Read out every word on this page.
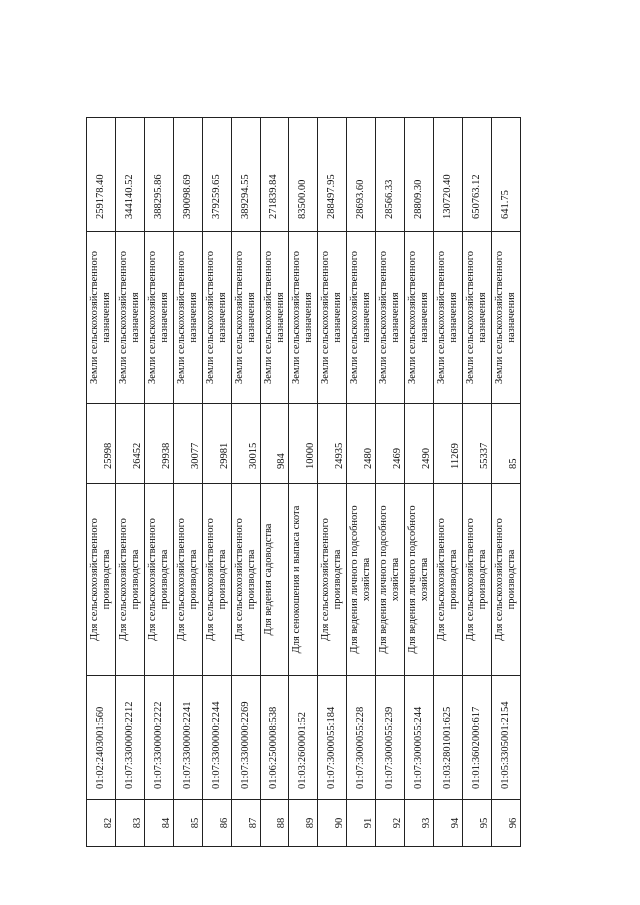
82	01:02:2403001:560	Для сельскохозяйственного производства	25998	Земли сельскохозяйственного назначения	259178.40
83	01:07:3300000:2212	Для сельскохозяйственного производства	26452	Земли сельскохозяйственного назначения	344140.52
84	01:07:3300000:2222	Для сельскохозяйственного производства	29938	Земли сельскохозяйственного назначения	388295.86
85	01:07:3300000:2241	Для сельскохозяйственного производства	30077	Земли сельскохозяйственного назначения	390098.69
86	01:07:3300000:2244	Для сельскохозяйственного производства	29981	Земли сельскохозяйственного назначения	379259.65
87	01:07:3300000:2269	Для сельскохозяйственного производства	30015	Земли сельскохозяйственного назначения	389294.55
88	01:06:2500008:538	Для ведения садоводства	984	Земли сельскохозяйственного назначения	271839.84
89	01:03:2600001:52	Для сенокошения и выпаса скота	10000	Земли сельскохозяйственного назначения	83500.00
90	01:07:3000055:184	Для сельскохозяйственного производства	24935	Земли сельскохозяйственного назначения	288497.95
91	01:07:3000055:228	Для ведения личного подсобного хозяйства	2480	Земли сельскохозяйственного назначения	28693.60
92	01:07:3000055:239	Для ведения личного подсобного хозяйства	2469	Земли сельскохозяйственного назначения	28566.33
93	01:07:3000055:244	Для ведения личного подсобного хозяйства	2490	Земли сельскохозяйственного назначения	28809.30
94	01:03:2801001:625	Для сельскохозяйственного производства	11269	Земли сельскохозяйственного назначения	130720.40
95	01:01:3602000:617	Для сельскохозяйственного производства	55337	Земли сельскохозяйственного назначения	650763.12
96	01:05:3305001:2154	Для сельскохозяйственного производства	85	Земли сельскохозяйственного назначения	641.75
